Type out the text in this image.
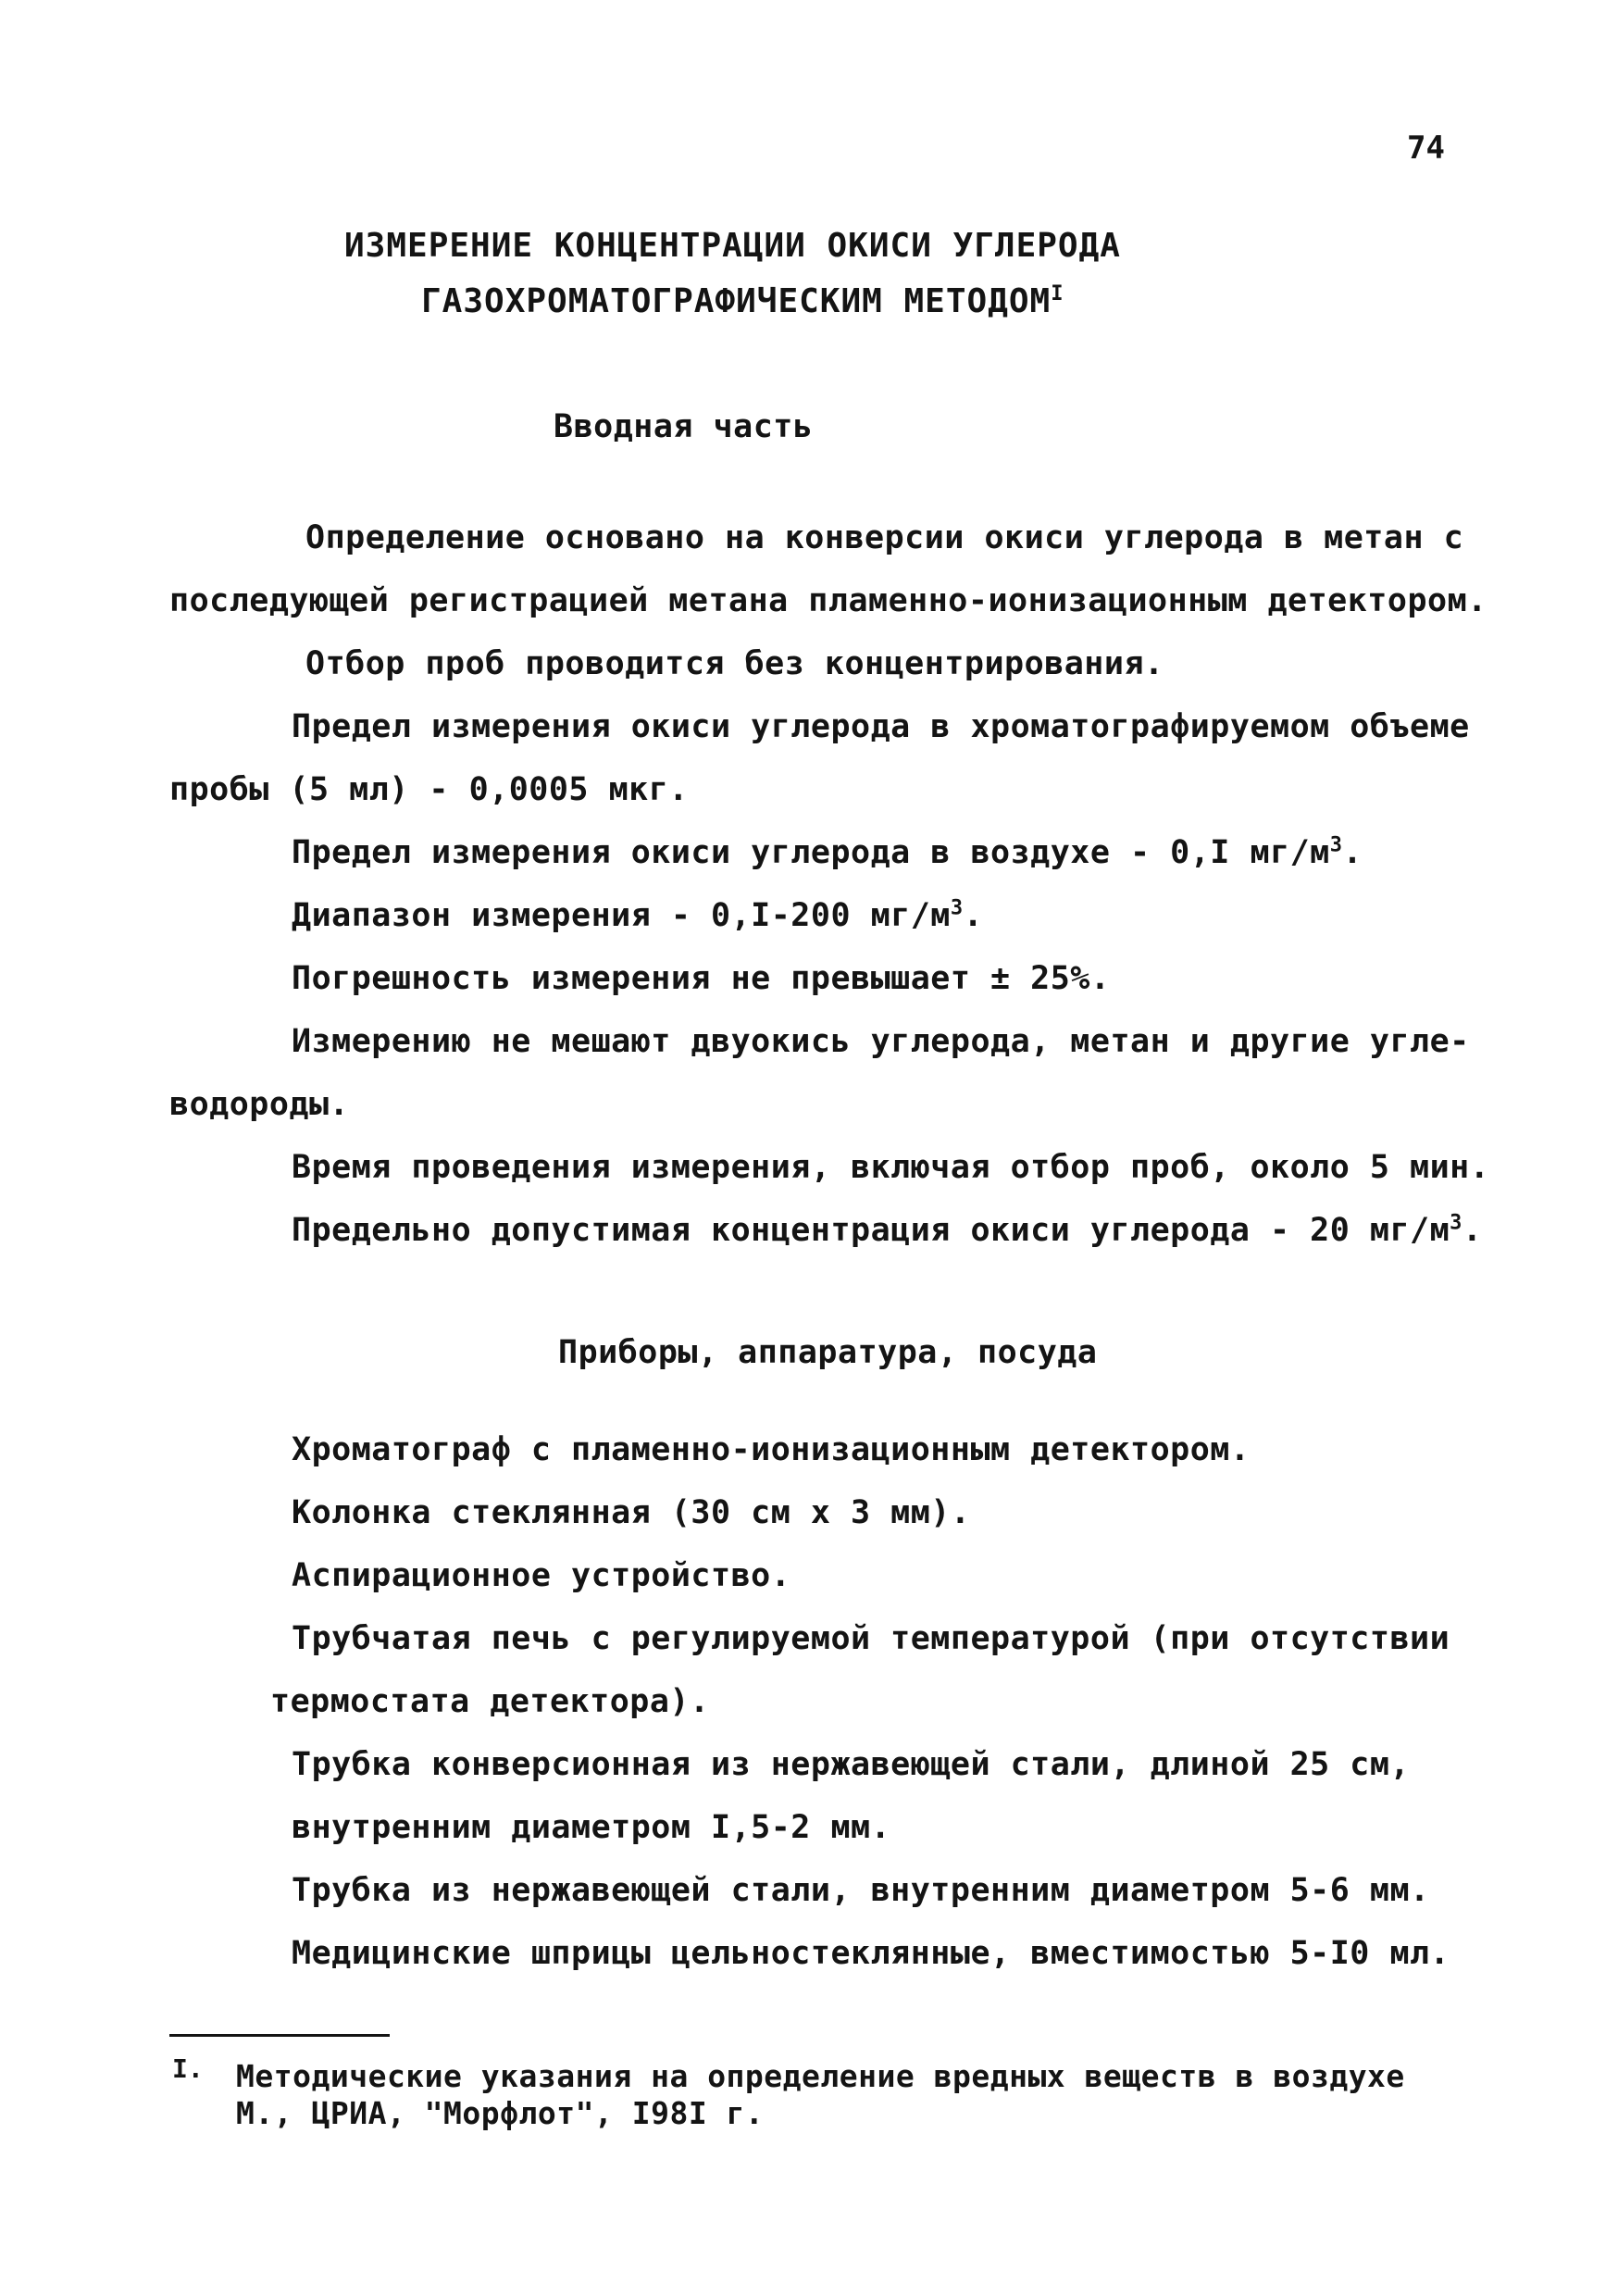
74
ИЗМЕРЕНИЕ КОНЦЕНТРАЦИИ ОКИСИ УГЛЕРОДА
ГАЗОХРОМАТОГРАФИЧЕСКИМ $МЕТОДОМ^I$
Вводная часть
Определение основано на конверсии окиси углерода в метан с
последующей регистрацией метана пламенно-ионизационным детектором.
Отбор проб проводится без концентрирования.
Предел измерения окиси углерода в хроматографируемом объеме
пробы (5 мл) - 0,0005 мкг.
Предел измерения окиси углерода в воздухе - 0,I $мг/м^3$.
Диапазон измерения - 0,I-200 $мг/м^3$.
Погрешность измерения не превышает ± 25%.
Измерению не мешают двуокись углерода, метан и другие угле-
водороды.
Время проведения измерения, включая отбор проб, около 5 мин.
Предельно допустимая концентрация окиси углерода - 20 $мг/м^3$.
Приборы, аппаратура, посуда
Хроматограф с пламенно-ионизационным детектором.
Колонка стеклянная (30 см х 3 мм).
Аспирационное устройство.
Трубчатая печь с регулируемой температурой (при отсутствии
термостата детектора).
Трубка конверсионная из нержавеющей стали, длиной 25 см,
внутренним диаметром I,5-2 мм.
Трубка из нержавеющей стали, внутренним диаметром 5-6 мм.
Медицинские шприцы цельностеклянные, вместимостью 5-I0 мл.
I. Методические указания на определение вредных веществ в воздухе
М., ЦРИА, "Морфлот", I98I г.
